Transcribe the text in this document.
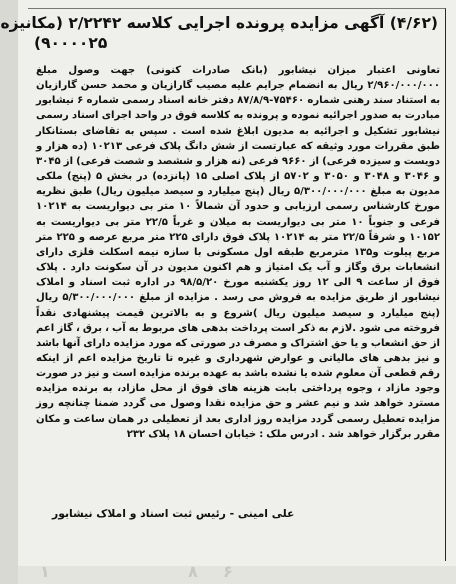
(۴/۶۲) آگهی مزایده پرونده اجرایی کلاسه ۲/۲۲۴۲ (مکانیزه
۹۰۰۰۰۲۵)
تعاونی اعتبار میزان نیشابور (بانک صادرات کنونی) جهت وصول مبلغ ۲/۹۶۰/۰۰۰/۰۰۰ ریال به انضمام جرایم علیه مصیب گارازیان و محمد حسن گارازیان به استناد سند رهنی شماره ۷۵۴۶۰-۸۷/۸/۹ دفتر خانه اسناد رسمی شماره ۶ نیشابور مبادرت به صدور اجرائیه نموده و پرونده به کلاسه فوق در واحد اجرای اسناد رسمی نیشابور تشکیل و اجرائیه به مدیون ابلاغ شده است . سپس به تقاضای بستانکار طبق مقررات مورد وثیقه که عبارتست از شش دانگ پلاک فرعی ۱۰۲۱۳ (ده هزار و دویست و سیزده فرعی) از ۹۶۶۰ فرعی (نه هزار و ششصد و شصت فرعی) از ۳۰۴۵ و ۳۰۴۶ و ۳۰۴۸ و ۳۰۵۰ و ۵۷۰۲ از پلاک اصلی ۱۵ (پانزده) در بخش ۵ (پنج) ملکی مدیون به مبلغ ۵/۳۰۰/۰۰۰/۰۰۰ ریال (پنج میلیارد و سیصد میلیون ریال) طبق نظریه مورخ کارشناس رسمی ارزیابی و حدود آن شمالاً ۱۰ متر بی دیواریست به ۱۰۲۱۴ فرعی و جنوباً ۱۰ متر بی دیواریست به میلان و غرباً ۲۲/۵ متر بی دیواریست به ۱۰۱۵۲ و شرقاً ۲۲/۵ متر به ۱۰۲۱۴ پلاک فوق دارای ۲۲۵ متر مربع عرصه و ۲۲۵ متر مربع پیلوت و۱۳۵ مترمربع طبقه اول مسکونی با سازه نیمه اسکلت فلزی دارای انشعابات برق وگاز و آب یک امتیاز و هم اکنون مدیون در آن سکونت دارد . پلاک فوق از ساعت ۹ الی ۱۲ روز یکشنبه مورخ ۹۸/۵/۲۰ در اداره ثبت اسناد و املاک نیشابور از طریق مزایده به فروش می رسد . مزایده از مبلغ ۵/۳۰۰/۰۰۰/۰۰۰ ریال (پنج میلیارد و سیصد میلیون ریال )شروع و به بالاترین قیمت پیشنهادی نقداً فروخته می شود .لازم به ذکر است پرداخت بدهی های مربوط به آب ، برق ، گاز اعم از حق انشعاب و یا حق اشتراک و مصرف در صورتی که مورد مزایده دارای آنها باشد و نیز بدهی های مالیاتی و عوارض شهرداری و غیره تا تاریخ مزایده اعم از اینکه رقم قطعی آن معلوم شده یا نشده باشد به عهده برنده مزایده است و نیز در صورت وجود مازاد ، وجوه پرداختی بابت هزینه های فوق از محل مازاد، به برنده مزایده مسترد خواهد شد و نیم عشر و حق مزایده نقدا وصول می گردد ضمنا چنانچه روز مزایده تعطیل رسمی گردد مزایده روز اداری بعد از تعطیلی در همان ساعت و مکان مقرر برگزار خواهد شد . ادرس ملک : خیابان احسان ۱۸ پلاک ۲۳۲
علی امینی - رئیس ثبت اسناد و املاک نیشابور
۱	۸ ۶
